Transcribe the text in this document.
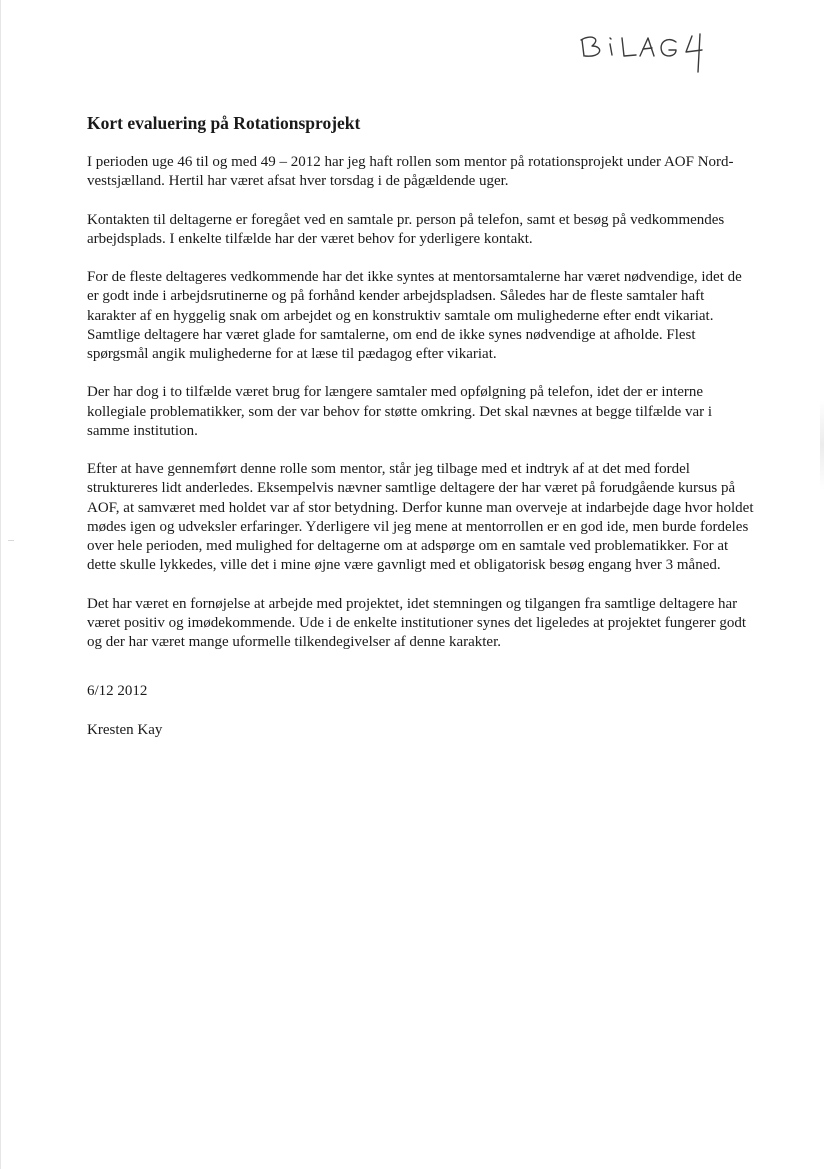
Kort evaluering på Rotationsprojekt

I perioden uge 46 til og med 49 – 2012 har jeg haft rollen som mentor på rotationsprojekt under AOF Nord-vestsjælland. Hertil har været afsat hver torsdag i de pågældende uger.

Kontakten til deltagerne er foregået ved en samtale pr. person på telefon, samt et besøg på vedkommendes arbejdsplads. I enkelte tilfælde har der været behov for yderligere kontakt.

For de fleste deltageres vedkommende har det ikke syntes at mentorsamtalerne har været nødvendige, idet de er godt inde i arbejdsrutinerne og på forhånd kender arbejdspladsen. Således har de fleste samtaler haft karakter af en hyggelig snak om arbejdet og en konstruktiv samtale om mulighederne efter endt vikariat. Samtlige deltagere har været glade for samtalerne, om end de ikke synes nødvendige at afholde. Flest spørgsmål angik mulighederne for at læse til pædagog efter vikariat.

Der har dog i to tilfælde været brug for længere samtaler med opfølgning på telefon, idet der er interne kollegiale problematikker, som der var behov for støtte omkring. Det skal nævnes at begge tilfælde var i samme institution.

Efter at have gennemført denne rolle som mentor, står jeg tilbage med et indtryk af at det med fordel struktureres lidt anderledes. Eksempelvis nævner samtlige deltagere der har været på forudgående kursus på AOF, at samværet med holdet var af stor betydning. Derfor kunne man overveje at indarbejde dage hvor holdet mødes igen og udveksler erfaringer. Yderligere vil jeg mene at mentorrollen er en god ide, men burde fordeles over hele perioden, med mulighed for deltagerne om at adspørge om en samtale ved problematikker. For at dette skulle lykkedes, ville det i mine øjne være gavnligt med et obligatorisk besøg engang hver 3 måned.

Det har været en fornøjelse at arbejde med projektet, idet stemningen og tilgangen fra samtlige deltagere har været positiv og imødekommende. Ude i de enkelte institutioner synes det ligeledes at projektet fungerer godt og der har været mange uformelle tilkendegivelser af denne karakter.

6/12 2012

Kresten Kay
